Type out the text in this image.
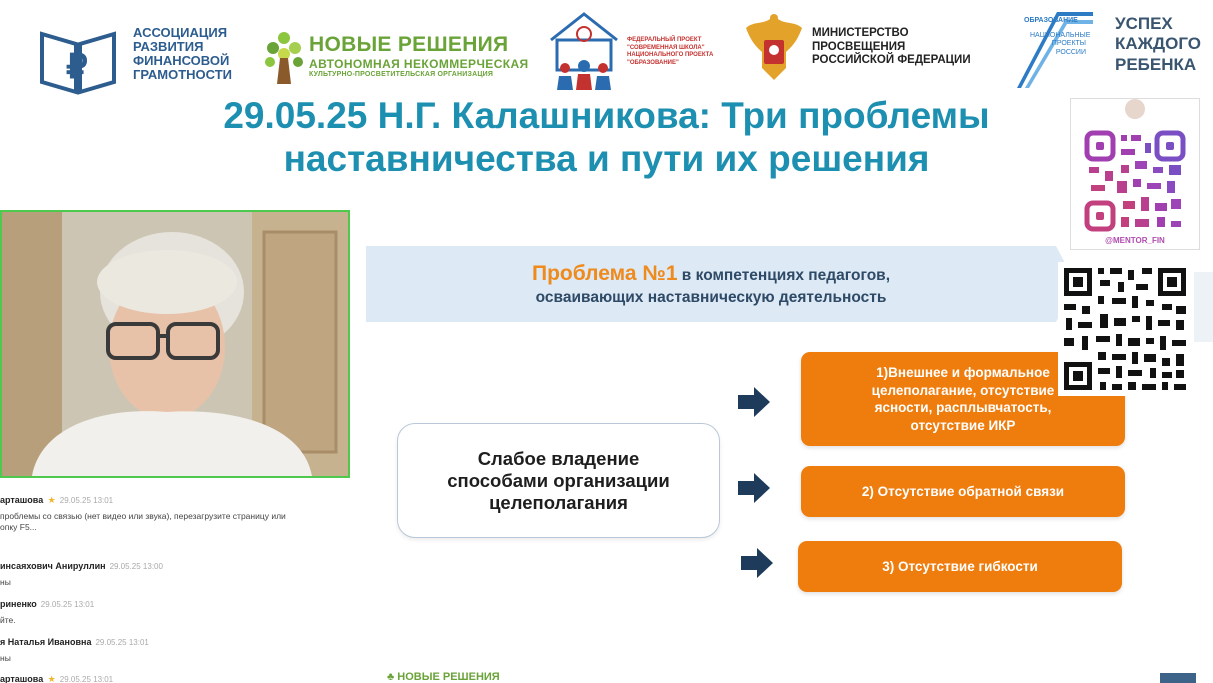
₽
АССОЦИАЦИЯ
РАЗВИТИЯ
ФИНАНСОВОЙ
ГРАМОТНОСТИ
НОВЫЕ РЕШЕНИЯ
АВТОНОМНАЯ НЕКОММЕРЧЕСКАЯ
КУЛЬТУРНО-ПРОСВЕТИТЕЛЬСКАЯ ОРГАНИЗАЦИЯ
ФЕДЕРАЛЬНЫЙ ПРОЕКТ
"СОВРЕМЕННАЯ ШКОЛА"
НАЦИОНАЛЬНОГО ПРОЕКТА
"ОБРАЗОВАНИЕ"
МИНИСТЕРСТВО
ПРОСВЕЩЕНИЯ
РОССИЙСКОЙ ФЕДЕРАЦИИ
ОБРАЗОВАНИЕ
НАЦИОНАЛЬНЫЕ
ПРОЕКТЫ
РОССИИ
УСПЕХ
КАЖДОГО
РЕБЕНКА
29.05.25 Н.Г. Калашникова: Три проблемы
наставничества и пути их решения
артaшова ★ 29.05.25 13:01
проблемы со связью (нет видео или звука), перезагрузите страницу или
опку F5...
инсаяхович Анируллин 29.05.25 13:00
ны
риненко 29.05.25 13:01
йте.
я Наталья Ивановна 29.05.25 13:01
ны
артaшова ★ 29.05.25 13:01
Проблема №1 в компетенциях педагогов,
осваивающих наставническую деятельность
Слабое владение
способами организации
целеполагания
1)Внешнее и формальное
целеполагание, отсутствие
ясности, расплывчатость,
отсутствие ИКР
2) Отсутствие обратной связи
3) Отсутствие гибкости
♣ НОВЫЕ РЕШЕНИЯ
@MENTOR_FIN
